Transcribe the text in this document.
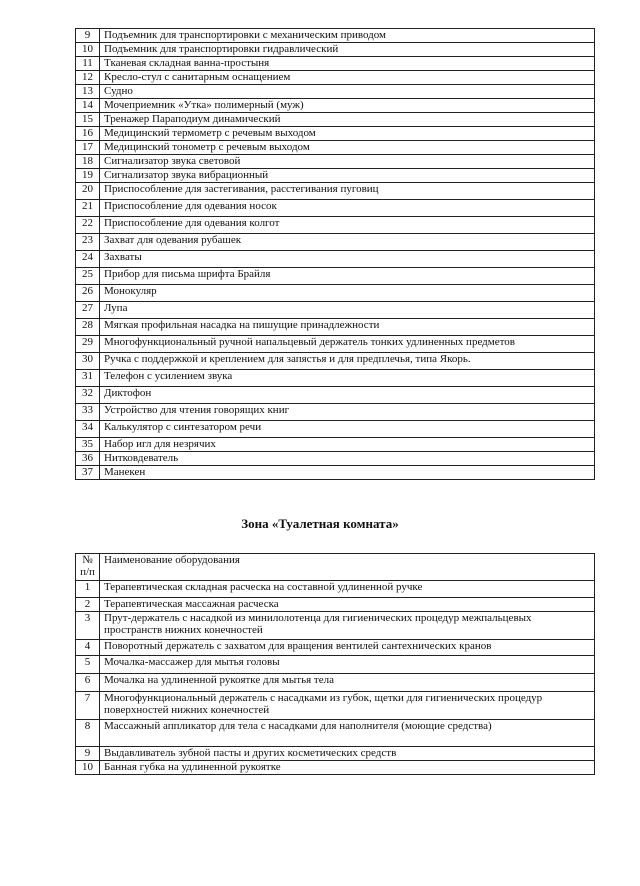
9	Подъемник для транспортировки с механическим приводом
10	Подъемник для транспортировки гидравлический
11	Тканевая складная ванна-простыня
12	Кресло-стул с санитарным оснащением
13	Судно
14	Мочеприемник «Утка» полимерный (муж)
15	Тренажер Параподиум динамический
16	Медицинский термометр с речевым выходом
17	Медицинский тонометр с речевым выходом
18	Сигнализатор звука световой
19	Сигнализатор звука вибрационный
20	Приспособление для застегивания, расстегивания пуговиц
21	Приспособление для одевания носок
22	Приспособление для одевания колгот
23	Захват для одевания рубашек
24	Захваты
25	Прибор для письма шрифта Брайля
26	Монокуляр
27	Лупа
28	Мягкая профильная насадка на пишущие принадлежности
29	Многофункциональный ручной напальцевый держатель тонких удлиненных предметов
30	Ручка с поддержкой и креплением для запястья и для предплечья, типа Якорь.
31	Телефон с усилением звука
32	Диктофон
33	Устройство для чтения говорящих книг
34	Калькулятор с синтезатором речи
35	Набор игл для незрячих
36	Нитковдеватель
37	Манекен
Зона «Туалетная комната»
№
п/п	Наименование оборудования
1	Терапевтическая складная расческа на составной удлиненной ручке
2	Терапевтическая массажная расческа
3	Прут-держатель с насадкой из минилолотенца для гигиенических процедур межпальцевых пространств нижних конечностей
4	Поворотный держатель с захватом для вращения вентилей сантехнических кранов
5	Мочалка-массажер для мытья головы
6	Мочалка на удлиненной рукоятке для мытья тела
7	Многофункциональный держатель с насадками из губок, щетки для гигиенических процедур поверхностей нижних конечностей
8	Массажный аппликатор для тела с насадками для наполнителя (моющие средства)
9	Выдавливатель зубной пасты и других косметических средств
10	Банная губка на удлиненной рукоятке
